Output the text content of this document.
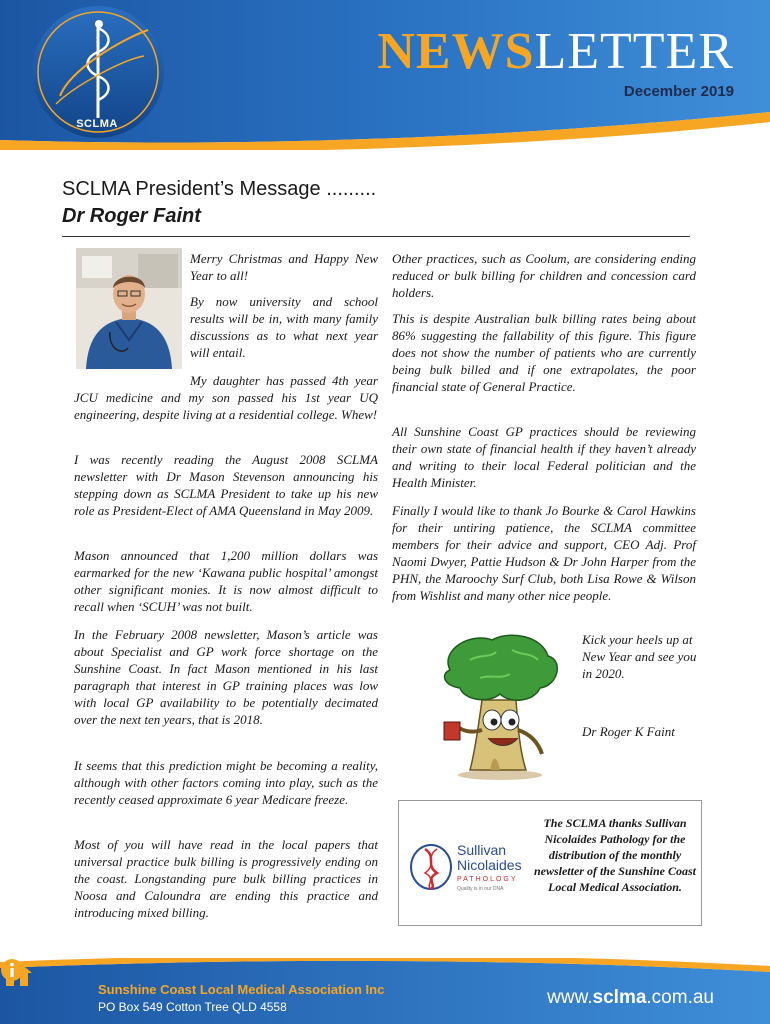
SCLMA
NEWSLETTER
December 2019
SCLMA President’s Message .........
Dr Roger Faint

Merry Christmas and Happy New Year to all!

By now university and school results will be in, with many family discussions as to what next year will entail.

My daughter has passed 4th year JCU medicine and my son passed his 1st year UQ engineering, despite living at a residential college. Whew!

I was recently reading the August 2008 SCLMA newsletter with Dr Mason Stevenson announcing his stepping down as SCLMA President to take up his new role as President-Elect of AMA Queensland in May 2009.

Mason announced that 1,200 million dollars was earmarked for the new ‘Kawana public hospital’ amongst other significant monies. It is now almost difficult to recall when ‘SCUH’ was not built.

In the February 2008 newsletter, Mason’s article was about Specialist and GP work force shortage on the Sunshine Coast. In fact Mason mentioned in his last paragraph that interest in GP training places was low with local GP availability to be potentially decimated over the next ten years, that is 2018.

It seems that this prediction might be becoming a reality, although with other factors coming into play, such as the recently ceased approximate 6 year Medicare freeze.

Most of you will have read in the local papers that universal practice bulk billing is progressively ending on the coast. Longstanding pure bulk billing practices in Noosa and Caloundra are ending this practice and introducing mixed billing.

Other practices, such as Coolum, are considering ending reduced or bulk billing for children and concession card holders.

This is despite Australian bulk billing rates being about 86% suggesting the fallability of this figure. This figure does not show the number of patients who are currently being bulk billed and if one extrapolates, the poor financial state of General Practice.

All Sunshine Coast GP practices should be reviewing their own state of financial health if they haven’t already and writing to their local Federal politician and the Health Minister.

Finally I would like to thank Jo Bourke & Carol Hawkins for their untiring patience, the SCLMA committee members for their advice and support, CEO Adj. Prof Naomi Dwyer, Pattie Hudson & Dr John Harper from the PHN, the Maroochy Surf Club, both Lisa Rowe & Wilson from Wishlist and many other nice people.

Kick your heels up at New Year and see you in 2020.

Dr Roger K Faint

Sullivan
Nicolaides
PATHOLOGY
Quality is in our DNA
The SCLMA thanks Sullivan Nicolaides Pathology for the distribution of the monthly newsletter of the Sunshine Coast Local Medical Association.
Sunshine Coast Local Medical Association Inc
PO Box 549 Cotton Tree QLD 4558	www.sclma.com.au
